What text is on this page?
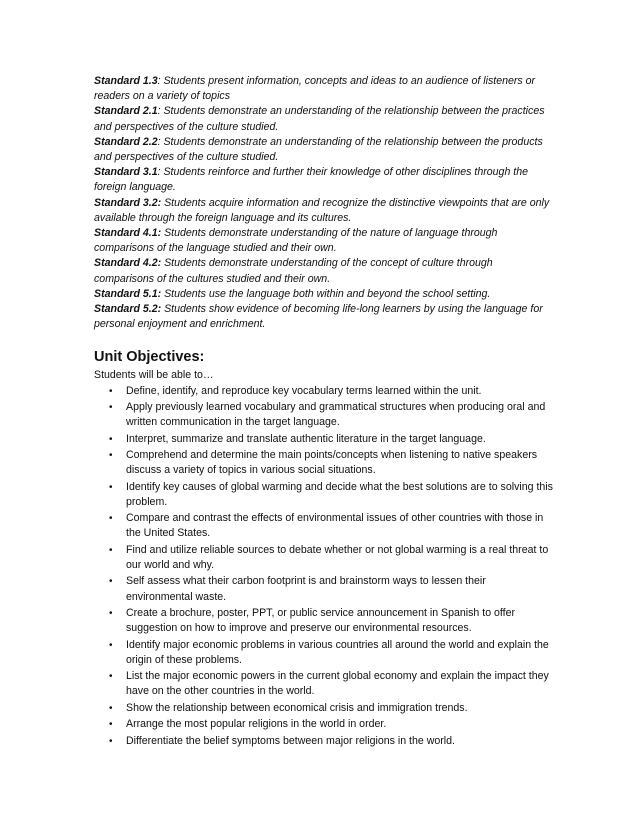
Standard 1.3: Students present information, concepts and ideas to an audience of listeners or readers on a variety of topics

Standard 2.1: Students demonstrate an understanding of the relationship between the practices and perspectives of the culture studied.

Standard 2.2: Students demonstrate an understanding of the relationship between the products and perspectives of the culture studied.

Standard 3.1: Students reinforce and further their knowledge of other disciplines through the foreign language.

Standard 3.2: Students acquire information and recognize the distinctive viewpoints that are only available through the foreign language and its cultures.

Standard 4.1: Students demonstrate understanding of the nature of language through comparisons of the language studied and their own.

Standard 4.2: Students demonstrate understanding of the concept of culture through comparisons of the cultures studied and their own.

Standard 5.1: Students use the language both within and beyond the school setting.

Standard 5.2: Students show evidence of becoming life-long learners by using the language for personal enjoyment and enrichment.

Unit Objectives:

Students will be able to…

• Define, identify, and reproduce key vocabulary terms learned within the unit.
• Apply previously learned vocabulary and grammatical structures when producing oral and written communication in the target language.
• Interpret, summarize and translate authentic literature in the target language.
• Comprehend and determine the main points/concepts when listening to native speakers discuss a variety of topics in various social situations.
• Identify key causes of global warming and decide what the best solutions are to solving this problem.
• Compare and contrast the effects of environmental issues of other countries with those in the United States.
• Find and utilize reliable sources to debate whether or not global warming is a real threat to our world and why.
• Self assess what their carbon footprint is and brainstorm ways to lessen their environmental waste.
• Create a brochure, poster, PPT, or public service announcement in Spanish to offer suggestion on how to improve and preserve our environmental resources.
• Identify major economic problems in various countries all around the world and explain the origin of these problems.
• List the major economic powers in the current global economy and explain the impact they have on the other countries in the world.
• Show the relationship between economical crisis and immigration trends.
• Arrange the most popular religions in the world in order.
• Differentiate the belief symptoms between major religions in the world.
